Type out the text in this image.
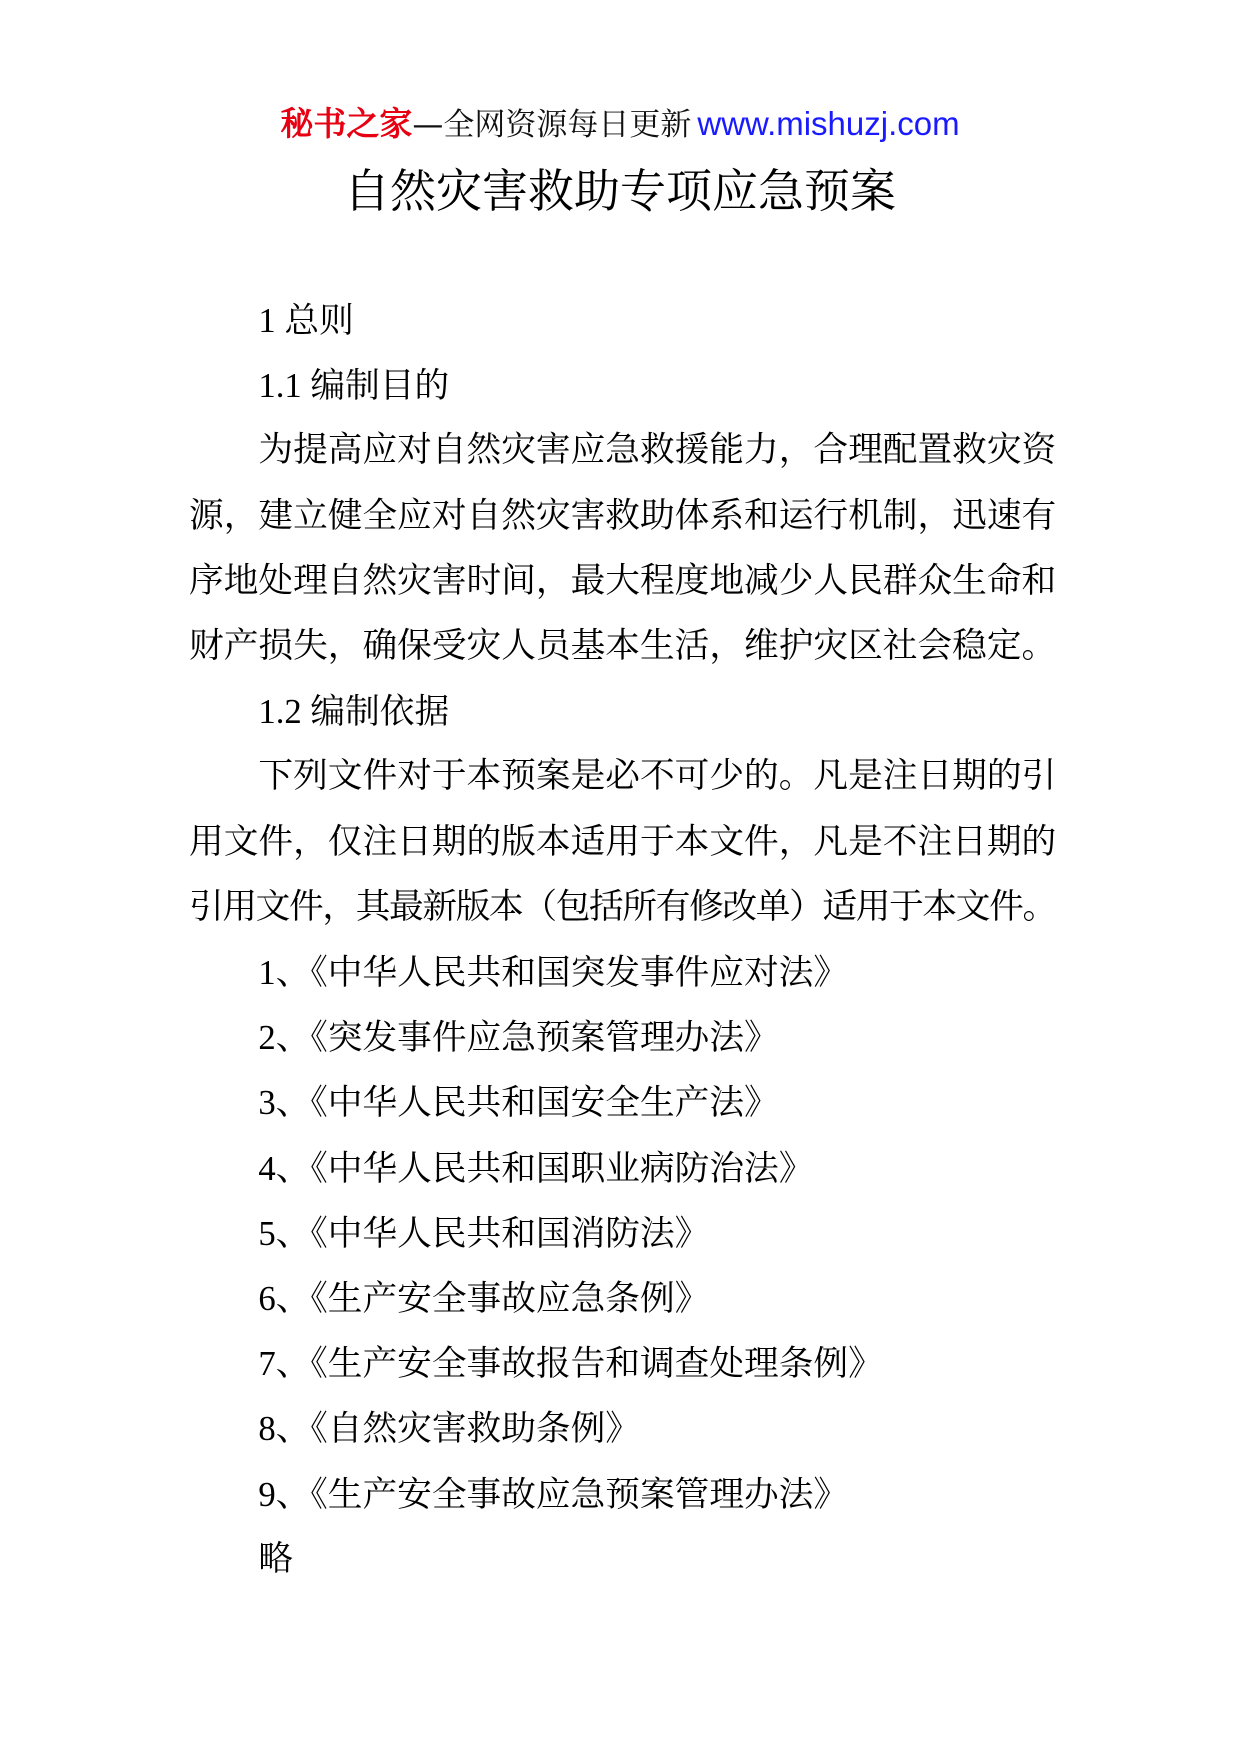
秘书之家—全网资源每日更新 www.mishuzj.com
自然灾害救助专项应急预案
1 总则
1.1 编制目的
为提高应对自然灾害应急救援能力，合理配置救灾资
源，建立健全应对自然灾害救助体系和运行机制，迅速有
序地处理自然灾害时间，最大程度地减少人民群众生命和
财产损失，确保受灾人员基本生活，维护灾区社会稳定。
1.2 编制依据
下列文件对于本预案是必不可少的。凡是注日期的引
用文件，仅注日期的版本适用于本文件，凡是不注日期的
引用文件，其最新版本（包括所有修改单）适用于本文件。
1、《中华人民共和国突发事件应对法》
2、《突发事件应急预案管理办法》
3、《中华人民共和国安全生产法》
4、《中华人民共和国职业病防治法》
5、《中华人民共和国消防法》
6、《生产安全事故应急条例》
7、《生产安全事故报告和调查处理条例》
8、《自然灾害救助条例》
9、《生产安全事故应急预案管理办法》
略
